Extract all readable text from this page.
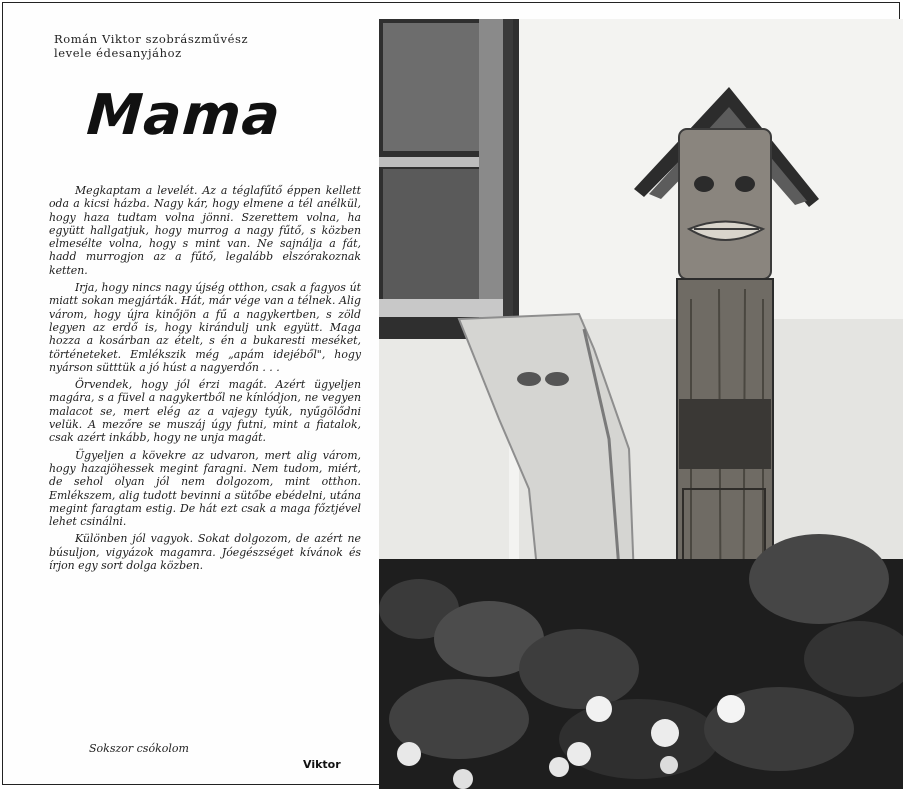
Román Viktor szobrászművész
levele édesanyjához
Mama

Megkaptam a levelét. Az a téglafűtő éppen kellett oda a kicsi házba. Nagy kár, hogy elmene a tél anélkül, hogy haza tudtam volna jönni. Szerettem volna, ha együtt hallgatjuk, hogy murrog a nagy fűtő, s közben elmesélte volna, hogy s mint van. Ne sajnálja a fát, hadd murrogjon az a fűtő, legalább elszórakoznak ketten.

Irja, hogy nincs nagy újség otthon, csak a fagyos út miatt sokan megjárták. Hát, már vége van a télnek. Alig várom, hogy újra kinőjön a fű a nagykertben, s zöld legyen az erdő is, hogy kirándulj unk együtt. Maga hozza a kosárban az ételt, s én a bukaresti meséket, történeteket. Emlékszik még „apám idejéből", hogy nyárson sütttük a jó húst a nagyerdőn . . .

Örvendek, hogy jól érzi magát. Azért ügyeljen magára, s a füvel a nagykertből ne kínlódjon, ne vegyen malacot se, mert elég az a vajegy tyúk, nyűgölődni velük. A mezőre se muszáj úgy futni, mint a fiatalok, csak azért inkább, hogy ne unja magát.

Ügyeljen a kövekre az udvaron, mert alig várom, hogy hazajöhessek megint faragni. Nem tudom, miért, de sehol olyan jól nem dolgozom, mint otthon. Emlékszem, alig tudott bevinni a sütőbe ebédelni, utána megint faragtam estig. De hát ezt csak a maga főztjével lehet csinálni.

Különben jól vagyok. Sokat dolgozom, de azért ne búsuljon, vigyázok magamra. Jóegészséget kívánok és írjon egy sort dolga közben.

Sokszor csókolom
Viktor
